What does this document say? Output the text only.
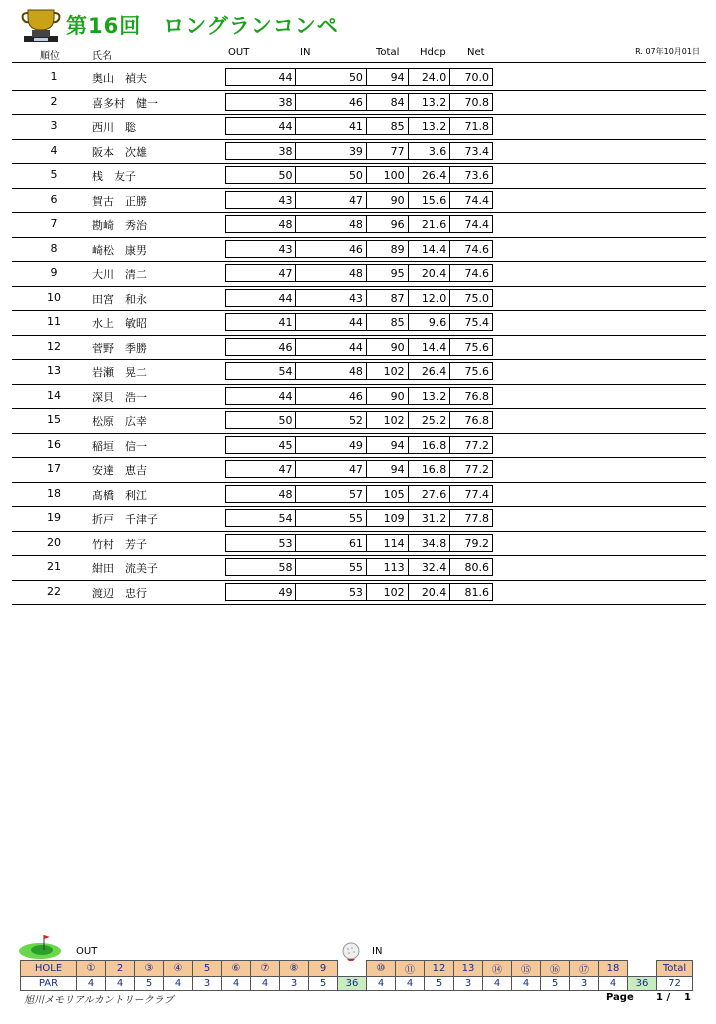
第16回　ロングランコンペ
R. 07年10月01日
順位	氏名	OUT	IN	Total Hdcp Net
1	奥山　禎夫	44	50	94	24.0	70.0
2	喜多村　健一	38	46	84	13.2	70.8
3	西川　聡	44	41	85	13.2	71.8
4	阪本　次雄	38	39	77	3.6	73.4
5	桟　友子	50	50	100	26.4	73.6
6	賀古　正勝	43	47	90	15.6	74.4
7	勘崎　秀治	48	48	96	21.6	74.4
8	崎松　康男	43	46	89	14.4	74.6
9	大川　清二	47	48	95	20.4	74.6
10	田宮　和永	44	43	87	12.0	75.0
11	水上　敏昭	41	44	85	9.6	75.4
12	菅野　季勝	46	44	90	14.4	75.6
13	岩瀬　晃二	54	48	102	26.4	75.6
14	深貝　浩一	44	46	90	13.2	76.8
15	松原　広幸	50	52	102	25.2	76.8
16	稲垣　信一	45	49	94	16.8	77.2
17	安達　恵吉	47	47	94	16.8	77.2
18	髙橋　利江	48	57	105	27.6	77.4
19	折戸　千津子	54	55	109	31.2	77.8
20	竹村　芳子	53	61	114	34.8	79.2
21	紺田　流美子	58	55	113	32.4	80.6
22	渡辺　忠行	49	53	102	20.4	81.6
OUT	IN
HOLE	①	2	③	④	5	⑥	⑦	⑧	9		⑩	⑪	12	13	⑭	⑮	⑯	⑰	18		Total
PAR	4	4	5	4	3	4	4	3	5	36	4	4	5	3	4	4	5	3	4	36	72
旭川メモリアルカントリークラブ	Page 1 /    1
